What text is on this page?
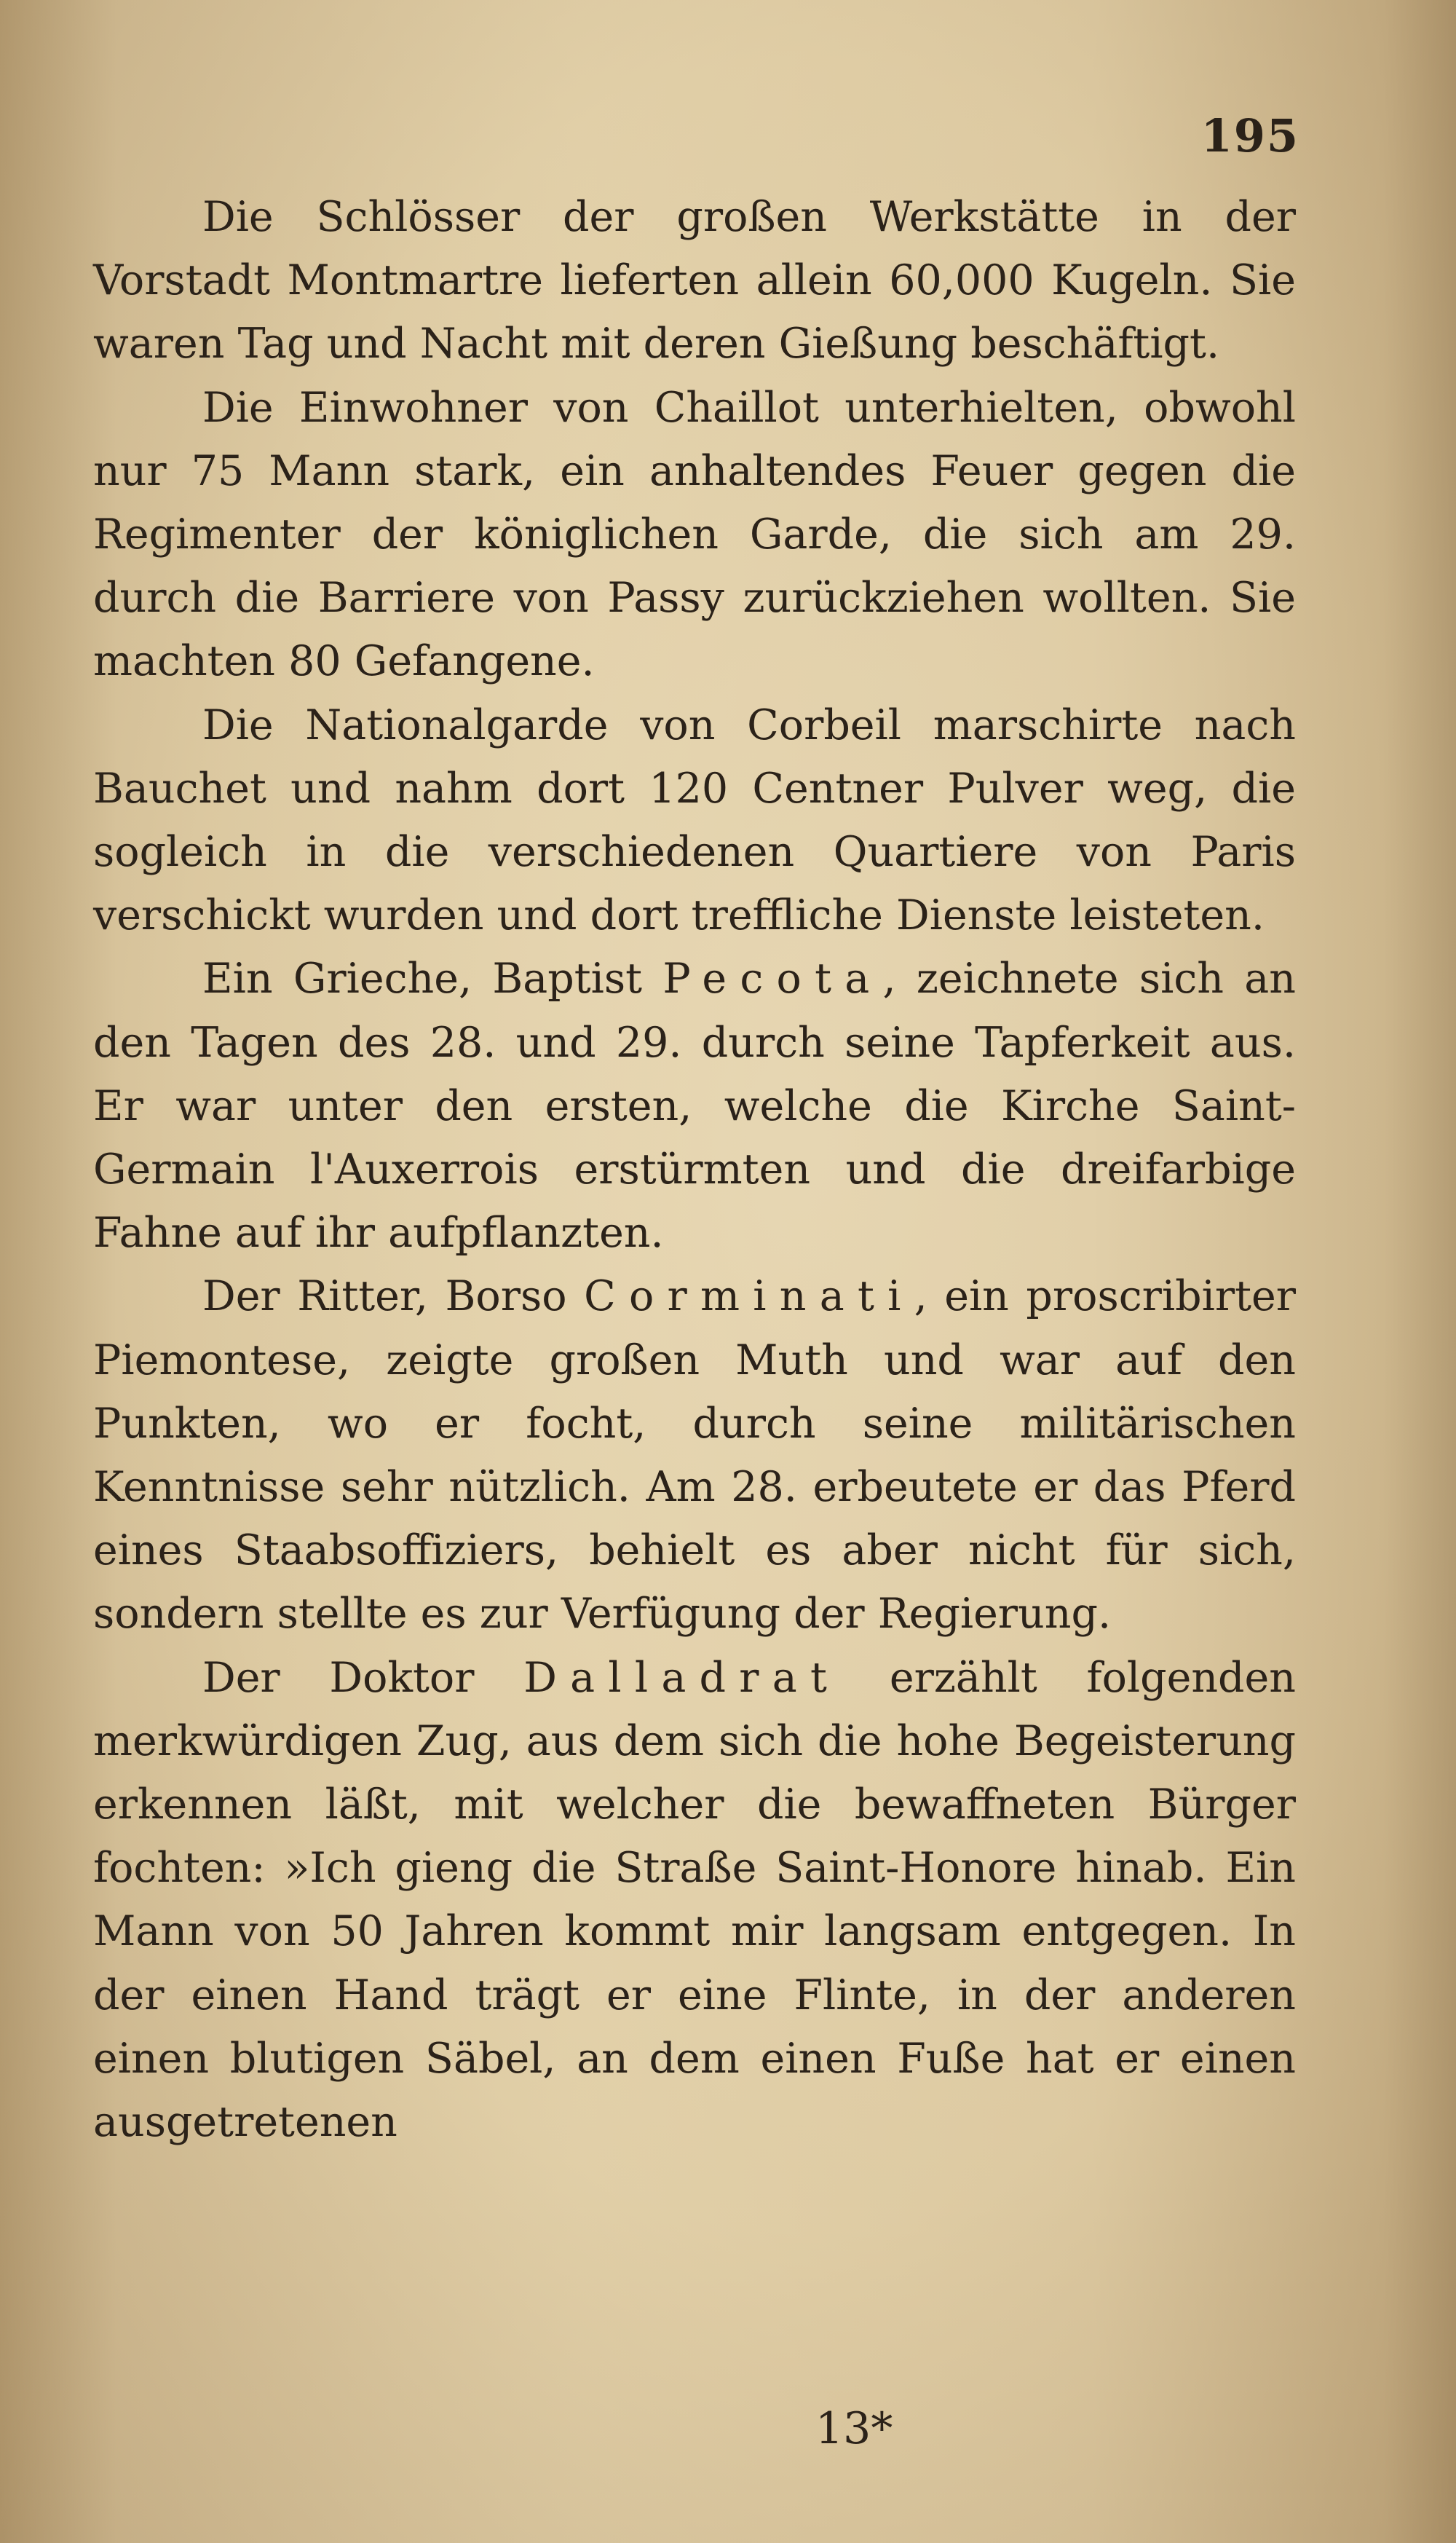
195

Die Schlösser der großen Werkstätte in der Vorstadt Montmartre lieferten allein 60,000 Kugeln. Sie waren Tag und Nacht mit deren Gießung beschäftigt.

Die Einwohner von Chaillot unterhielten, obwohl nur 75 Mann stark, ein anhaltendes Feuer gegen die Regimenter der königlichen Garde, die sich am 29. durch die Barriere von Passy zurückziehen wollten. Sie machten 80 Gefangene.

Die Nationalgarde von Corbeil marschirte nach Bauchet und nahm dort 120 Centner Pulver weg, die sogleich in die verschiedenen Quartiere von Paris verschickt wurden und dort treffliche Dienste leisteten.

Ein Grieche, Baptist Pecota, zeichnete sich an den Tagen des 28. und 29. durch seine Tapferkeit aus. Er war unter den ersten, welche die Kirche Saint-Germain l'Auxerrois erstürmten und die dreifarbige Fahne auf ihr aufpflanzten.

Der Ritter, Borso Corminati, ein proscribirter Piemontese, zeigte großen Muth und war auf den Punkten, wo er focht, durch seine militärischen Kenntnisse sehr nützlich. Am 28. erbeutete er das Pferd eines Staabsoffiziers, behielt es aber nicht für sich, sondern stellte es zur Verfügung der Regierung.

Der Doktor Dalladrat erzählt folgenden merkwürdigen Zug, aus dem sich die hohe Begeisterung erkennen läßt, mit welcher die bewaffneten Bürger fochten: »Ich gieng die Straße Saint-Honore hinab. Ein Mann von 50 Jahren kommt mir langsam entgegen. In der einen Hand trägt er eine Flinte, in der anderen einen blutigen Säbel, an dem einen Fuße hat er einen ausgetretenen

13*
